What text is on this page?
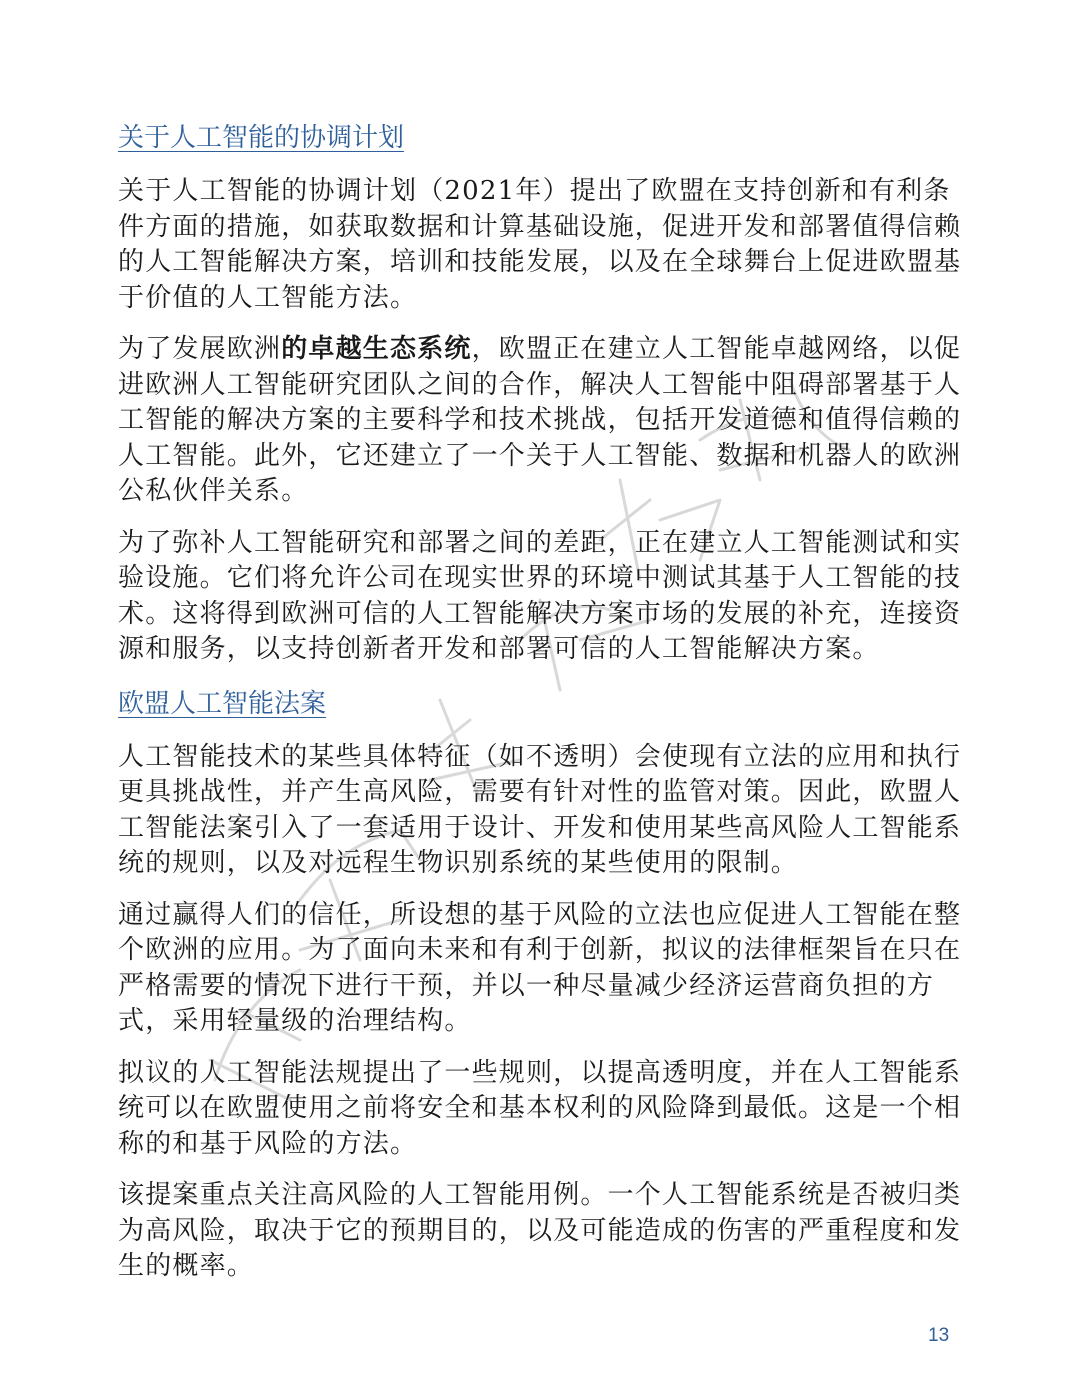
关于人工智能的协调计划

关于人工智能的协调计划（2021年）提出了欧盟在支持创新和有利条件方面的措施，如获取数据和计算基础设施，促进开发和部署值得信赖的人工智能解决方案，培训和技能发展，以及在全球舞台上促进欧盟基于价值的人工智能方法。

为了发展欧洲的卓越生态系统，欧盟正在建立人工智能卓越网络，以促进欧洲人工智能研究团队之间的合作，解决人工智能中阻碍部署基于人工智能的解决方案的主要科学和技术挑战，包括开发道德和值得信赖的人工智能。此外，它还建立了一个关于人工智能、数据和机器人的欧洲公私伙伴关系。

为了弥补人工智能研究和部署之间的差距，正在建立人工智能测试和实验设施。它们将允许公司在现实世界的环境中测试其基于人工智能的技术。这将得到欧洲可信的人工智能解决方案市场的发展的补充，连接资源和服务，以支持创新者开发和部署可信的人工智能解决方案。

欧盟人工智能法案

人工智能技术的某些具体特征（如不透明）会使现有立法的应用和执行更具挑战性，并产生高风险，需要有针对性的监管对策。因此，欧盟人工智能法案引入了一套适用于设计、开发和使用某些高风险人工智能系统的规则，以及对远程生物识别系统的某些使用的限制。

通过赢得人们的信任，所设想的基于风险的立法也应促进人工智能在整个欧洲的应用。为了面向未来和有利于创新，拟议的法律框架旨在只在严格需要的情况下进行干预，并以一种尽量减少经济运营商负担的方式，采用轻量级的治理结构。

拟议的人工智能法规提出了一些规则，以提高透明度，并在人工智能系统可以在欧盟使用之前将安全和基本权利的风险降到最低。这是一个相称的和基于风险的方法。

该提案重点关注高风险的人工智能用例。一个人工智能系统是否被归类为高风险，取决于它的预期目的，以及可能造成的伤害的严重程度和发生的概率。

13
